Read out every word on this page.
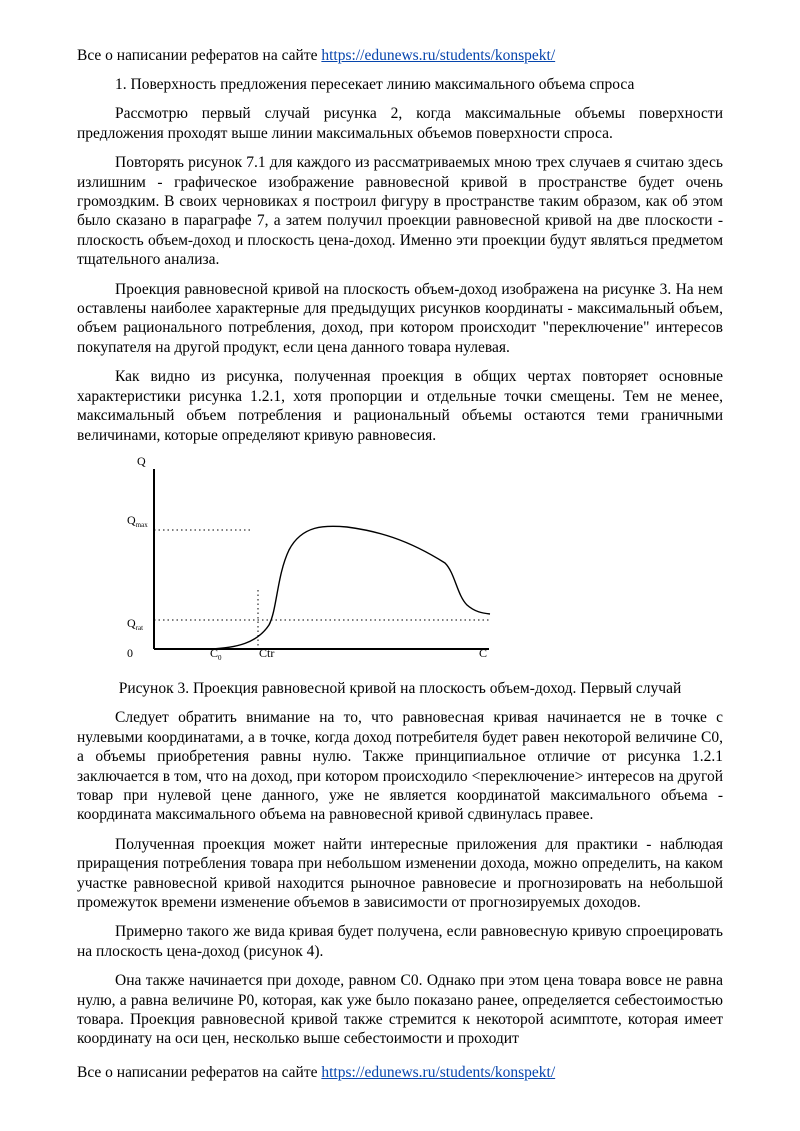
Все о написании рефератов на сайте https://edunews.ru/students/konspekt/

1. Поверхность предложения пересекает линию максимального объема спроса

Рассмотрю первый случай рисунка 2, когда максимальные объемы поверхности предложения проходят выше линии максимальных объемов поверхности спроса.

Повторять рисунок 7.1 для каждого из рассматриваемых мною трех случаев я считаю здесь излишним - графическое изображение равновесной кривой в пространстве будет очень громоздким. В своих черновиках я построил фигуру в пространстве таким образом, как об этом было сказано в параграфе 7, а затем получил проекции равновесной кривой на две плоскости - плоскость объем-доход и плоскость цена-доход. Именно эти проекции будут являться предметом тщательного анализа.

Проекция равновесной кривой на плоскость объем-доход изображена на рисунке 3. На нем оставлены наиболее характерные для предыдущих рисунков координаты - максимальный объем, объем рационального потребления, доход, при котором происходит "переключение" интересов покупателя на другой продукт, если цена данного товара нулевая.

Как видно из рисунка, полученная проекция в общих чертах повторяет основные характеристики рисунка 1.2.1, хотя пропорции и отдельные точки смещены. Тем не менее, максимальный объем потребления и рациональный объемы остаются теми граничными величинами, которые определяют кривую равновесия.

Q
$Q_{max}$
$Q_{rat}$
0	$C_0$	Ctr	C

Рисунок 3. Проекция равновесной кривой на плоскость объем-доход. Первый случай

Следует обратить внимание на то, что равновесная кривая начинается не в точке с нулевыми координатами, а в точке, когда доход потребителя будет равен некоторой величине C0, а объемы приобретения равны нулю. Также принципиальное отличие от рисунка 1.2.1 заключается в том, что на доход, при котором происходило <переключение> интересов на другой товар при нулевой цене данного, уже не является координатой максимального объема - координата максимального объема на равновесной кривой сдвинулась правее.

Полученная проекция может найти интересные приложения для практики - наблюдая приращения потребления товара при небольшом изменении дохода, можно определить, на каком участке равновесной кривой находится рыночное равновесие и прогнозировать на небольшой промежуток времени изменение объемов в зависимости от прогнозируемых доходов.

Примерно такого же вида кривая будет получена, если равновесную кривую спроецировать на плоскость цена-доход (рисунок 4).

Она также начинается при доходе, равном C0. Однако при этом цена товара вовсе не равна нулю, а равна величине P0, которая, как уже было показано ранее, определяется себестоимостью товара. Проекция равновесной кривой также стремится к некоторой асимптоте, которая имеет координату на оси цен, несколько выше себестоимости и проходит

Все о написании рефератов на сайте https://edunews.ru/students/konspekt/
